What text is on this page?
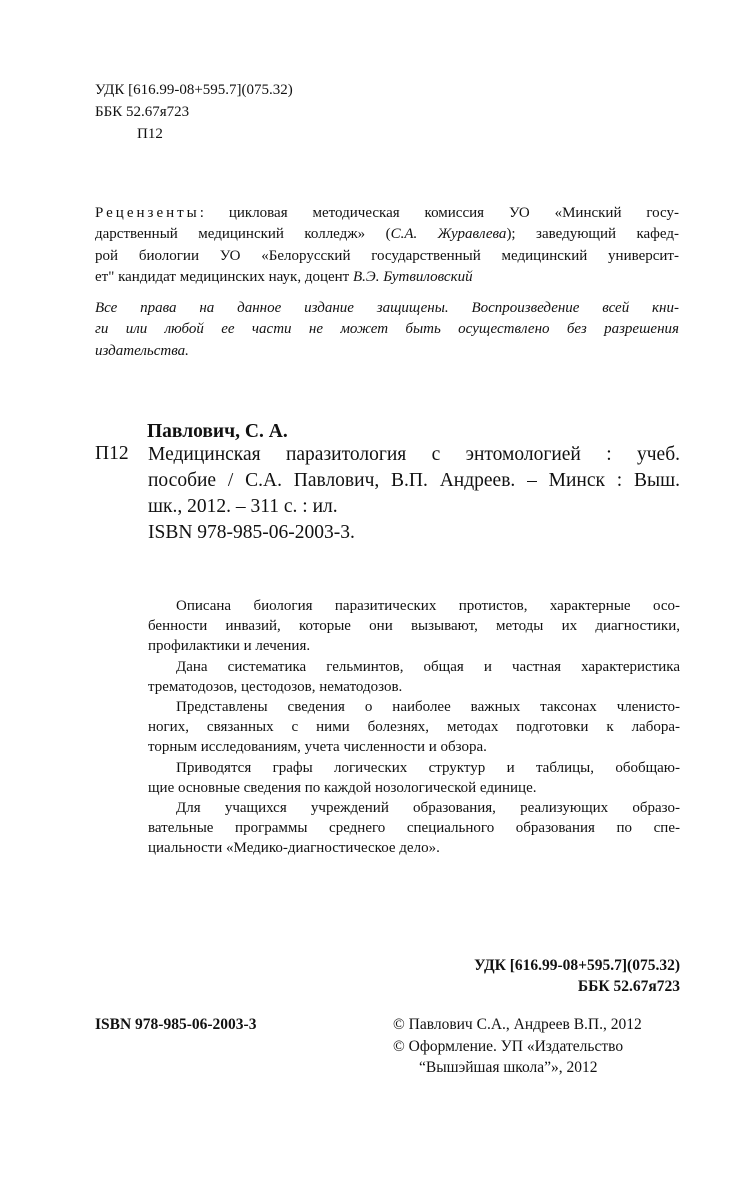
УДК [616.99-08+595.7](075.32)
ББК 52.67я723
П12
Рецензенты: цикловая методическая комиссия УО «Минский госу-
дарственный медицинский колледж» (С.А. Журавлева); заведующий кафед-
рой биологии УО «Белорусский государственный медицинский университ-
ет" кандидат медицинских наук, доцент В.Э. Бутвиловский
Все права на данное издание защищены. Воспроизведение всей кни-
ги или любой ее части не может быть осуществлено без разрешения
издательства.
Павлович, С. А.
П12 Медицинская паразитология с энтомологией : учеб.
пособие / С.А. Павлович, В.П. Андреев. – Минск : Выш.
шк., 2012. – 311 с. : ил.
ISBN 978-985-06-2003-3.
Описана биология паразитических протистов, характерные осо-
бенности инвазий, которые они вызывают, методы их диагностики,
профилактики и лечения.
Дана систематика гельминтов, общая и частная характеристика
трематодозов, цестодозов, нематодозов.
Представлены сведения о наиболее важных таксонах членисто-
ногих, связанных с ними болезнях, методах подготовки к лабора-
торным исследованиям, учета численности и обзора.
Приводятся графы логических структур и таблицы, обобщаю-
щие основные сведения по каждой нозологической единице.
Для учащихся учреждений образования, реализующих образо-
вательные программы среднего специального образования по спе-
циальности «Медико-диагностическое дело».
УДК [616.99-08+595.7](075.32)
ББК 52.67я723
ISBN 978-985-06-2003-3	© Павлович С.А., Андреев В.П., 2012
© Оформление. УП «Издательство
“Вышэйшая школа”», 2012
